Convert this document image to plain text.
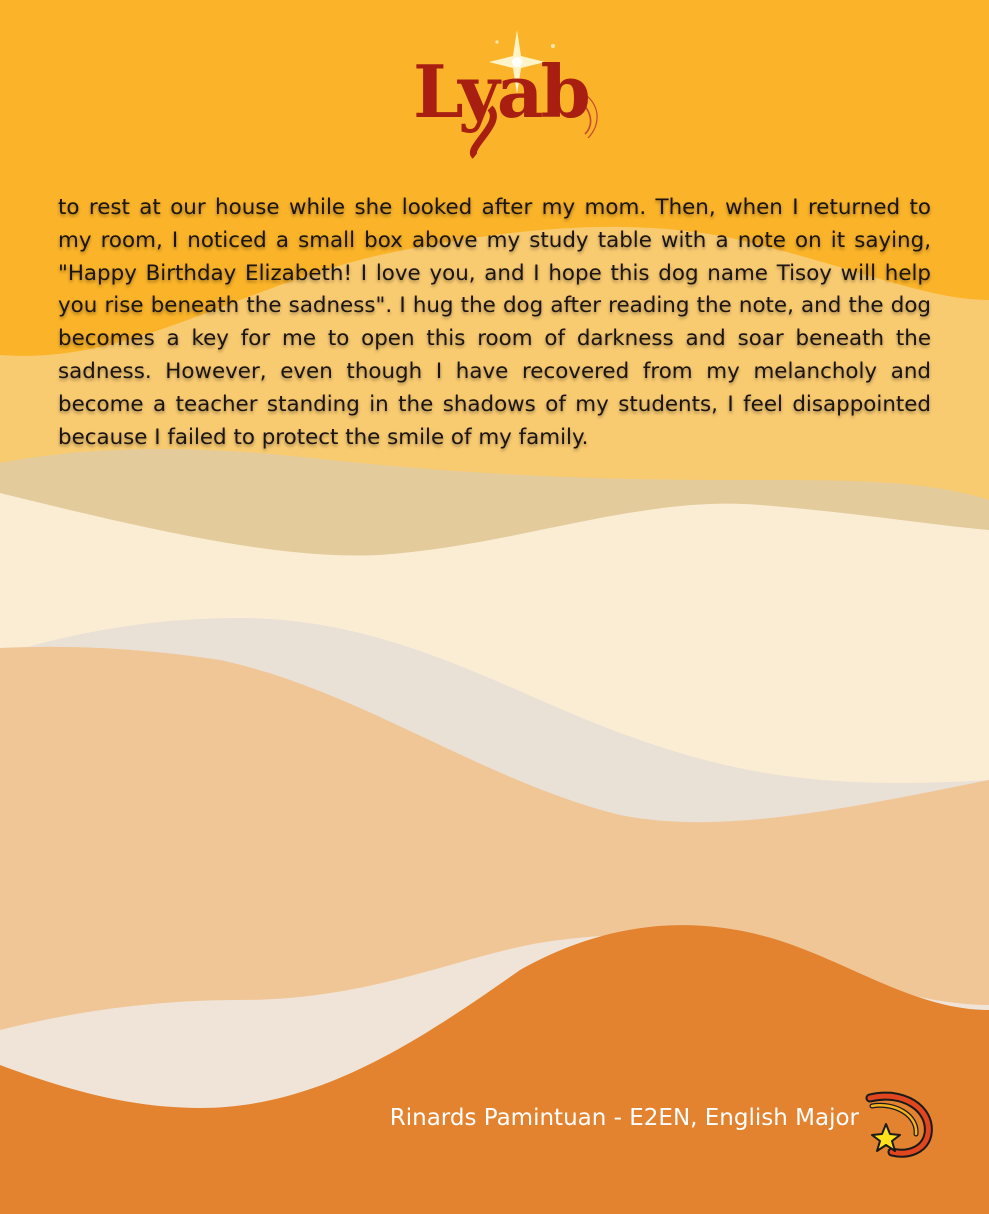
Lyab

to rest at our house while she looked after my mom. Then, when I returned to my room, I noticed a small box above my study table with a note on it saying, "Happy Birthday Elizabeth! I love you, and I hope this dog name Tisoy will help you rise beneath the sadness". I hug the dog after reading the note, and the dog becomes a key for me to open this room of darkness and soar beneath the sadness. However, even though I have recovered from my melancholy and become a teacher standing in the shadows of my students, I feel disappointed because I failed to protect the smile of my family.

Rinards Pamintuan - E2EN, English Major
